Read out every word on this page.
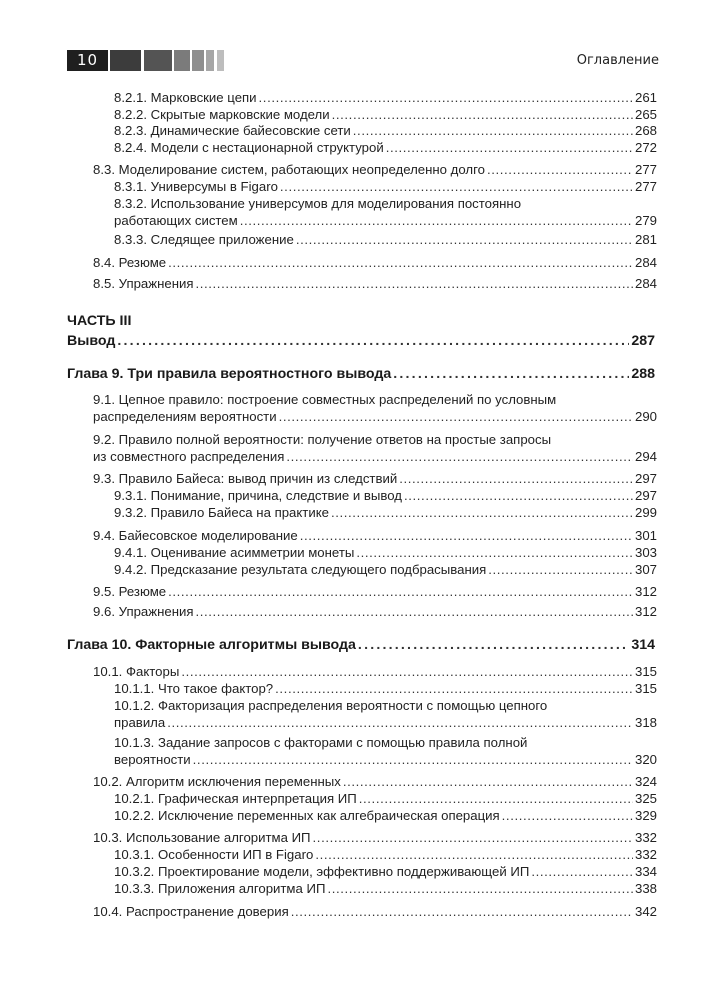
10	Оглавление
8.2.1. Марковские цепи .....	261
8.2.2. Скрытые марковские модели .....	265
8.2.3. Динамические байесовские сети .....	268
8.2.4. Модели с нестационарной структурой .....	272
8.3. Моделирование систем, работающих неопределенно долго .....	277
8.3.1. Универсумы в Figaro .....	277
8.3.2. Использование универсумов для моделирования постоянно
работающих систем .....	279
8.3.3. Следящее приложение .....	281
8.4. Резюме .....	284
8.5. Упражнения .....	284
ЧАСТЬ III
Вывод .....	287
Глава 9. Три правила вероятностного вывода .....	288
9.1. Цепное правило: построение совместных распределений по условным
распределениям вероятности .....	290
9.2. Правило полной вероятности: получение ответов на простые запросы
из совместного распределения .....	294
9.3. Правило Байеса: вывод причин из следствий .....	297
9.3.1. Понимание, причина, следствие и вывод .....	297
9.3.2. Правило Байеса на практике .....	299
9.4. Байесовское моделирование .....	301
9.4.1. Оценивание асимметрии монеты .....	303
9.4.2. Предсказание результата следующего подбрасывания .....	307
9.5. Резюме .....	312
9.6. Упражнения .....	312
Глава 10. Факторные алгоритмы вывода .....	314
10.1. Факторы .....	315
10.1.1. Что такое фактор? .....	315
10.1.2. Факторизация распределения вероятности с помощью цепного
правила .....	318
10.1.3. Задание запросов с факторами с помощью правила полной
вероятности .....	320
10.2. Алгоритм исключения переменных .....	324
10.2.1. Графическая интерпретация ИП .....	325
10.2.2. Исключение переменных как алгебраическая операция .....	329
10.3. Использование алгоритма ИП .....	332
10.3.1. Особенности ИП в Figaro .....	332
10.3.2. Проектирование модели, эффективно поддерживающей ИП .....	334
10.3.3. Приложения алгоритма ИП .....	338
10.4. Распространение доверия .....	342
